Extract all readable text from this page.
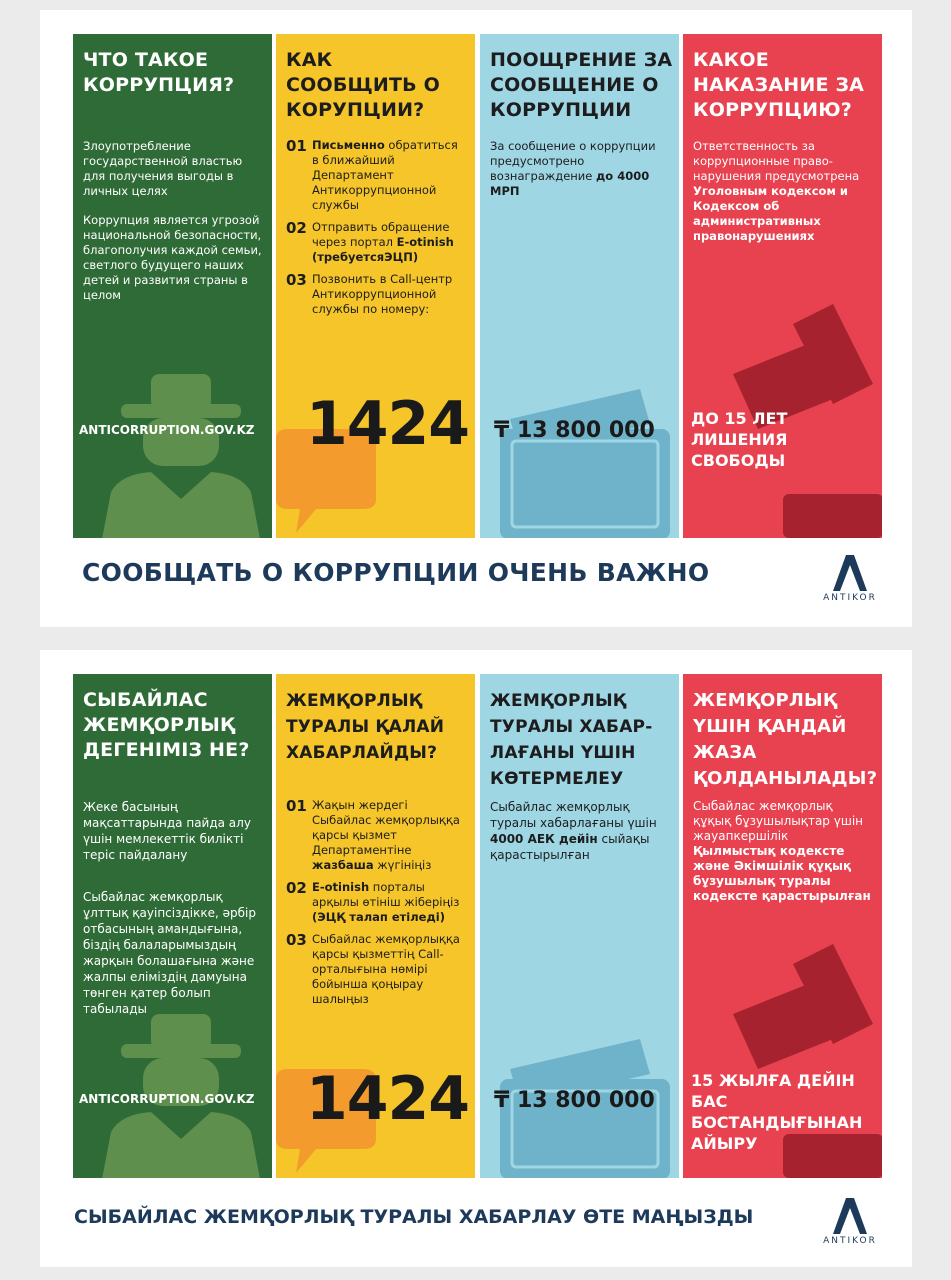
ЧТО ТАКОЕ КОРРУПЦИЯ?

Злоупотребление государственной властью для получения выгоды в личных целях

Коррупция является угрозой национальной безопасности, благополучия каждой семьи, светлого будущего наших детей и развития страны в целом

ANTICORRUPTION.GOV.KZ
КАК СООБЩИТЬ О КОРУПЦИИ?
01 Письменно обратиться в ближайший Департамент Антикоррупционной службы
02 Отправить обращение через портал E-otinish (требуетсяЭЦП)
03 Позвонить в Call-центр Антикоррупционной службы по номеру:
1424
ПООЩРЕНИЕ ЗА СООБЩЕНИЕ О КОРРУПЦИИ
За сообщение о коррупции предусмотрено вознаграждение до 4000 МРП
₸ 13 800 000
КАКОЕ НАКАЗАНИЕ ЗА КОРРУПЦИЮ?
Ответственность за коррупционные право-нарушения предусмотрена Уголовным кодексом и Кодексом об административных правонарушениях
ДО 15 ЛЕТ ЛИШЕНИЯ СВОБОДЫ
СООБЩАТЬ О КОРРУПЦИИ ОЧЕНЬ ВАЖНО
ANTIKOR
СЫБАЙЛАС ЖЕМҚОРЛЫҚ ДЕГЕНІМІЗ НЕ?

Жеке басының мақсаттарында пайда алу үшін мемлекеттік билікті теріс пайдалану

Сыбайлас жемқорлық ұлттық қауіпсіздікке, әрбір отбасының амандығына, біздің балаларымыздың жарқын болашағына және жалпы еліміздің дамуына төнген қатер болып табылады

ANTICORRUPTION.GOV.KZ
ЖЕМҚОРЛЫҚ ТУРАЛЫ ҚАЛАЙ ХАБАРЛАЙДЫ?
01 Жақын жердегі Сыбайлас жемқорлыққа қарсы қызмет Департаментіне жазбаша жүгініңіз
02 E-otinish порталы арқылы өтініш жіберіңіз (ЭЦҚ талап етіледі)
03 Сыбайлас жемқорлыққа қарсы қызметтің Call-орталығына нөмірі бойынша қоңырау шалыңыз
1424
ЖЕМҚОРЛЫҚ ТУРАЛЫ ХАБАР-ЛАҒАНЫ ҮШІН КӨТЕРМЕЛЕУ
Сыбайлас жемқорлық туралы хабарлағаны үшін 4000 АЕК дейін сыйақы қарастырылған
₸ 13 800 000
ЖЕМҚОРЛЫҚ ҮШІН ҚАНДАЙ ЖАЗА ҚОЛДАНЫЛАДЫ?
Сыбайлас жемқорлық құқық бұзушылықтар үшін жауапкершілік Қылмыстық кодексте және Әкімшілік құқық бұзушылық туралы кодексте қарастырылған
15 ЖЫЛҒА ДЕЙІН БАС БОСТАНДЫҒЫНАН АЙЫРУ
СЫБАЙЛАС ЖЕМҚОРЛЫҚ ТУРАЛЫ ХАБАРЛАУ ӨТЕ МАҢЫЗДЫ
ANTIKOR
